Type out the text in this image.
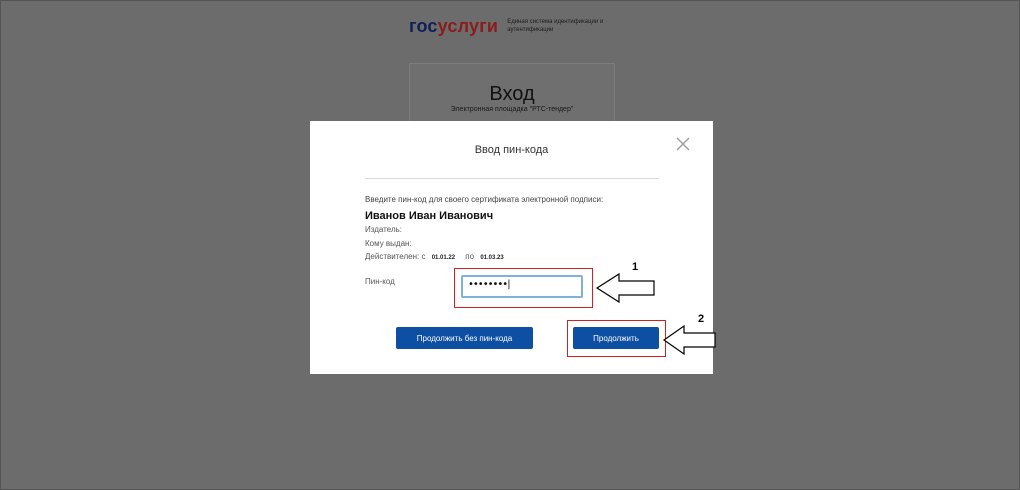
госуслуги Единая система идентификации и аутентификации
Вход
Электронная площадка "РТС-тендер"
Ввод пин-кода
Введите пин-код для своего сертификата электронной подписи:
Иванов Иван Иванович
Издатель:
Кому выдан:
Действителен: с 01.01.22 по 01.03.23
Пин-код	••••••••|
Продолжить без пин-кода	Продолжить
1
2
